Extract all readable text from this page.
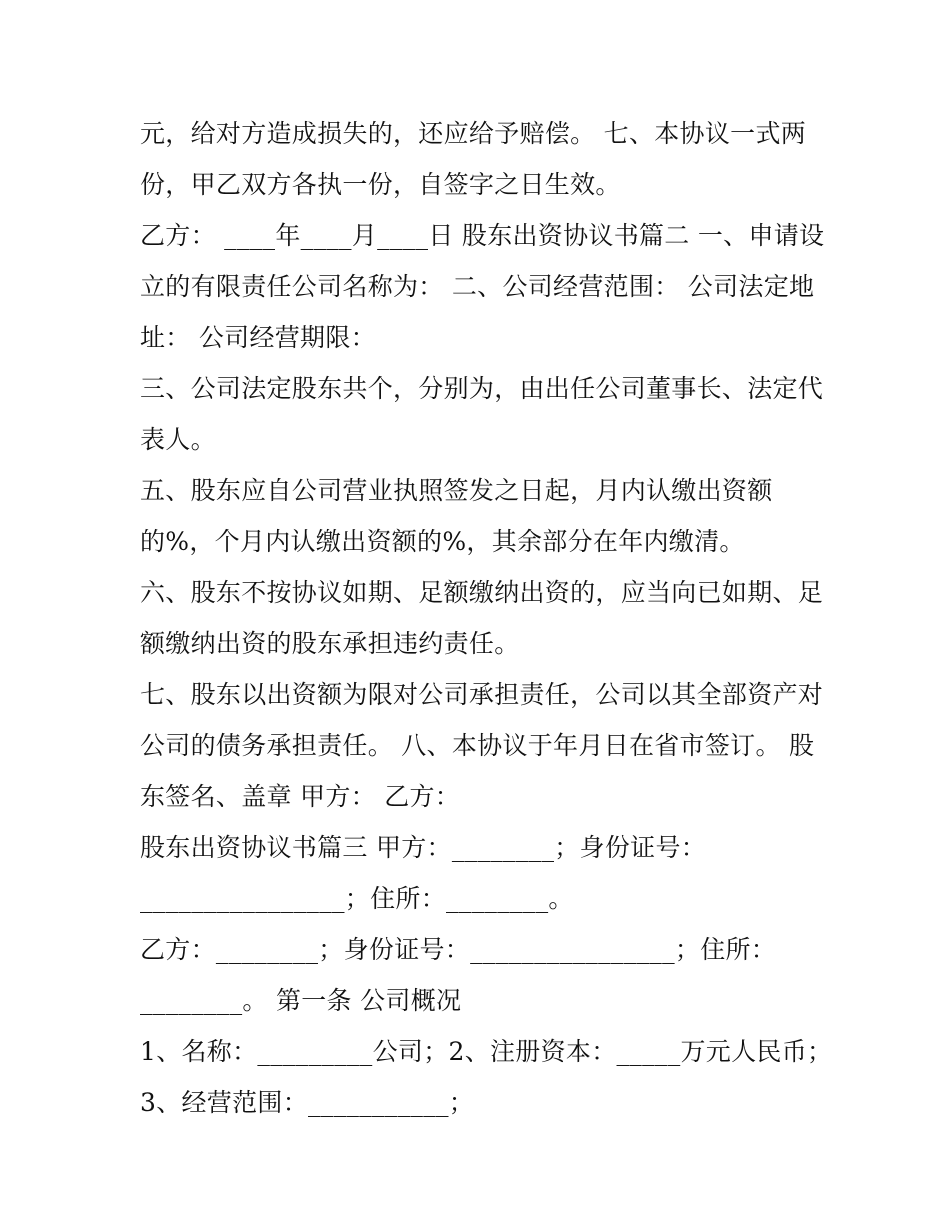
元，给对方造成损失的，还应给予赔偿。 七、本协议一式两
份，甲乙双方各执一份，自签字之日生效。
乙方： ____年____月____日 股东出资协议书篇二 一、申请设
立的有限责任公司名称为： 二、公司经营范围： 公司法定地
址： 公司经营期限：
三、公司法定股东共个，分别为，由出任公司董事长、法定代
表人。
五、股东应自公司营业执照签发之日起，月内认缴出资额
的%，个月内认缴出资额的%，其余部分在年内缴清。
六、股东不按协议如期、足额缴纳出资的，应当向已如期、足
额缴纳出资的股东承担违约责任。
七、股东以出资额为限对公司承担责任，公司以其全部资产对
公司的债务承担责任。 八、本协议于年月日在省市签订。 股
东签名、盖章 甲方： 乙方：
股东出资协议书篇三 甲方：________；身份证号：
________________；住所：________。
乙方：________；身份证号：________________；住所：
________。 第一条 公司概况
1、名称：_________公司；2、注册资本：_____万元人民币；
3、经营范围：___________；
